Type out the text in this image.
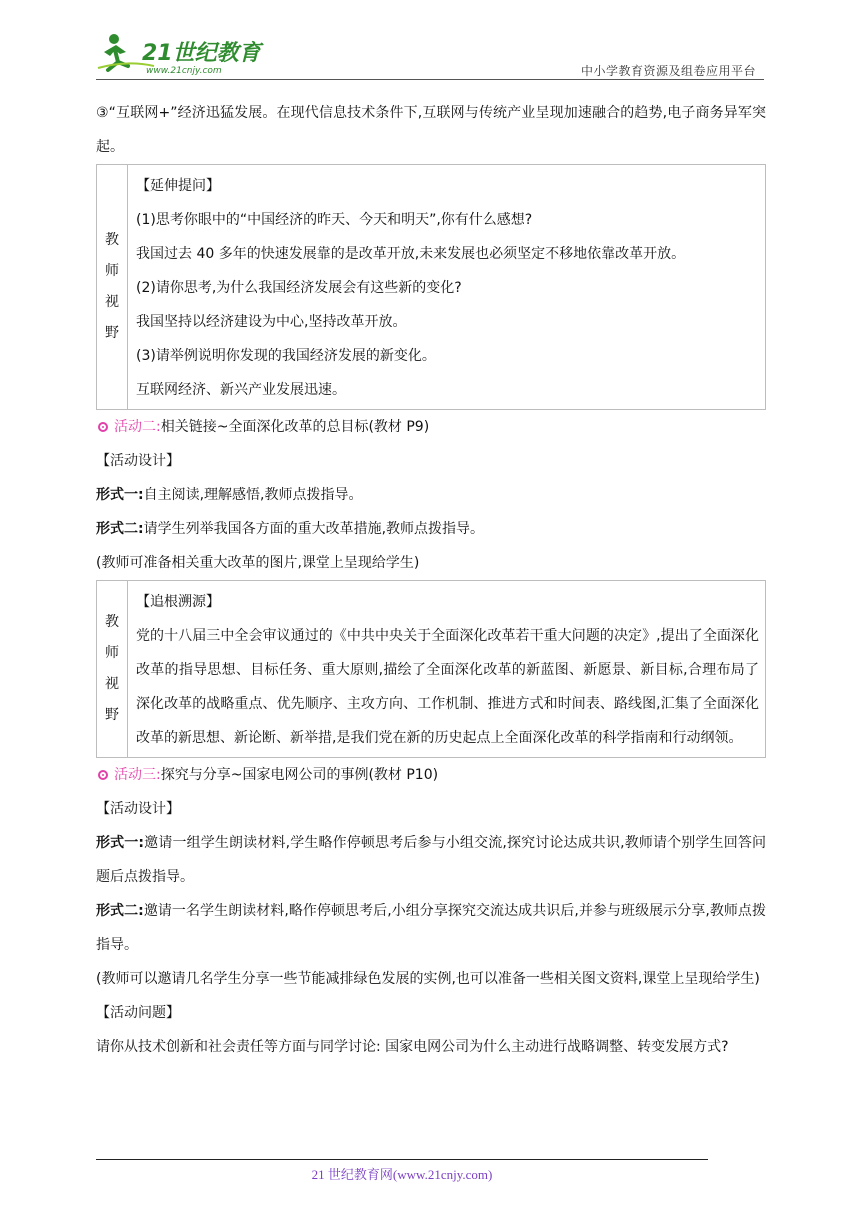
21世纪教育
www.21cnjy.com	中小学教育资源及组卷应用平台

③“互联网+”经济迅猛发展。在现代信息技术条件下,互联网与传统产业呈现加速融合的趋势,电子商务异军突起。

教
师
视
野

【延伸提问】

(1)思考你眼中的“中国经济的昨天、今天和明天”,你有什么感想?

我国过去 40 多年的快速发展靠的是改革开放,未来发展也必须坚定不移地依靠改革开放。

(2)请你思考,为什么我国经济发展会有这些新的变化?

我国坚持以经济建设为中心,坚持改革开放。

(3)请举例说明你发现的我国经济发展的新变化。

互联网经济、新兴产业发展迅速。

活动二: 相关链接~全面深化改革的总目标(教材 P9)

【活动设计】

形式一:自主阅读,理解感悟,教师点拨指导。

形式二:请学生列举我国各方面的重大改革措施,教师点拨指导。

(教师可准备相关重大改革的图片,课堂上呈现给学生)

教
师
视
野

【追根溯源】

党的十八届三中全会审议通过的《中共中央关于全面深化改革若干重大问题的决定》,提出了全面深化改革的指导思想、目标任务、重大原则,描绘了全面深化改革的新蓝图、新愿景、新目标,合理布局了深化改革的战略重点、优先顺序、主攻方向、工作机制、推进方式和时间表、路线图,汇集了全面深化改革的新思想、新论断、新举措,是我们党在新的历史起点上全面深化改革的科学指南和行动纲领。

活动三: 探究与分享~国家电网公司的事例(教材 P10)

【活动设计】

形式一:邀请一组学生朗读材料,学生略作停顿思考后参与小组交流,探究讨论达成共识,教师请个别学生回答问题后点拨指导。

形式二:邀请一名学生朗读材料,略作停顿思考后,小组分享探究交流达成共识后,并参与班级展示分享,教师点拨指导。

(教师可以邀请几名学生分享一些节能减排绿色发展的实例,也可以准备一些相关图文资料,课堂上呈现给学生)

【活动问题】

请你从技术创新和社会责任等方面与同学讨论: 国家电网公司为什么主动进行战略调整、转变发展方式?

21 世纪教育网(www.21cnjy.com)
